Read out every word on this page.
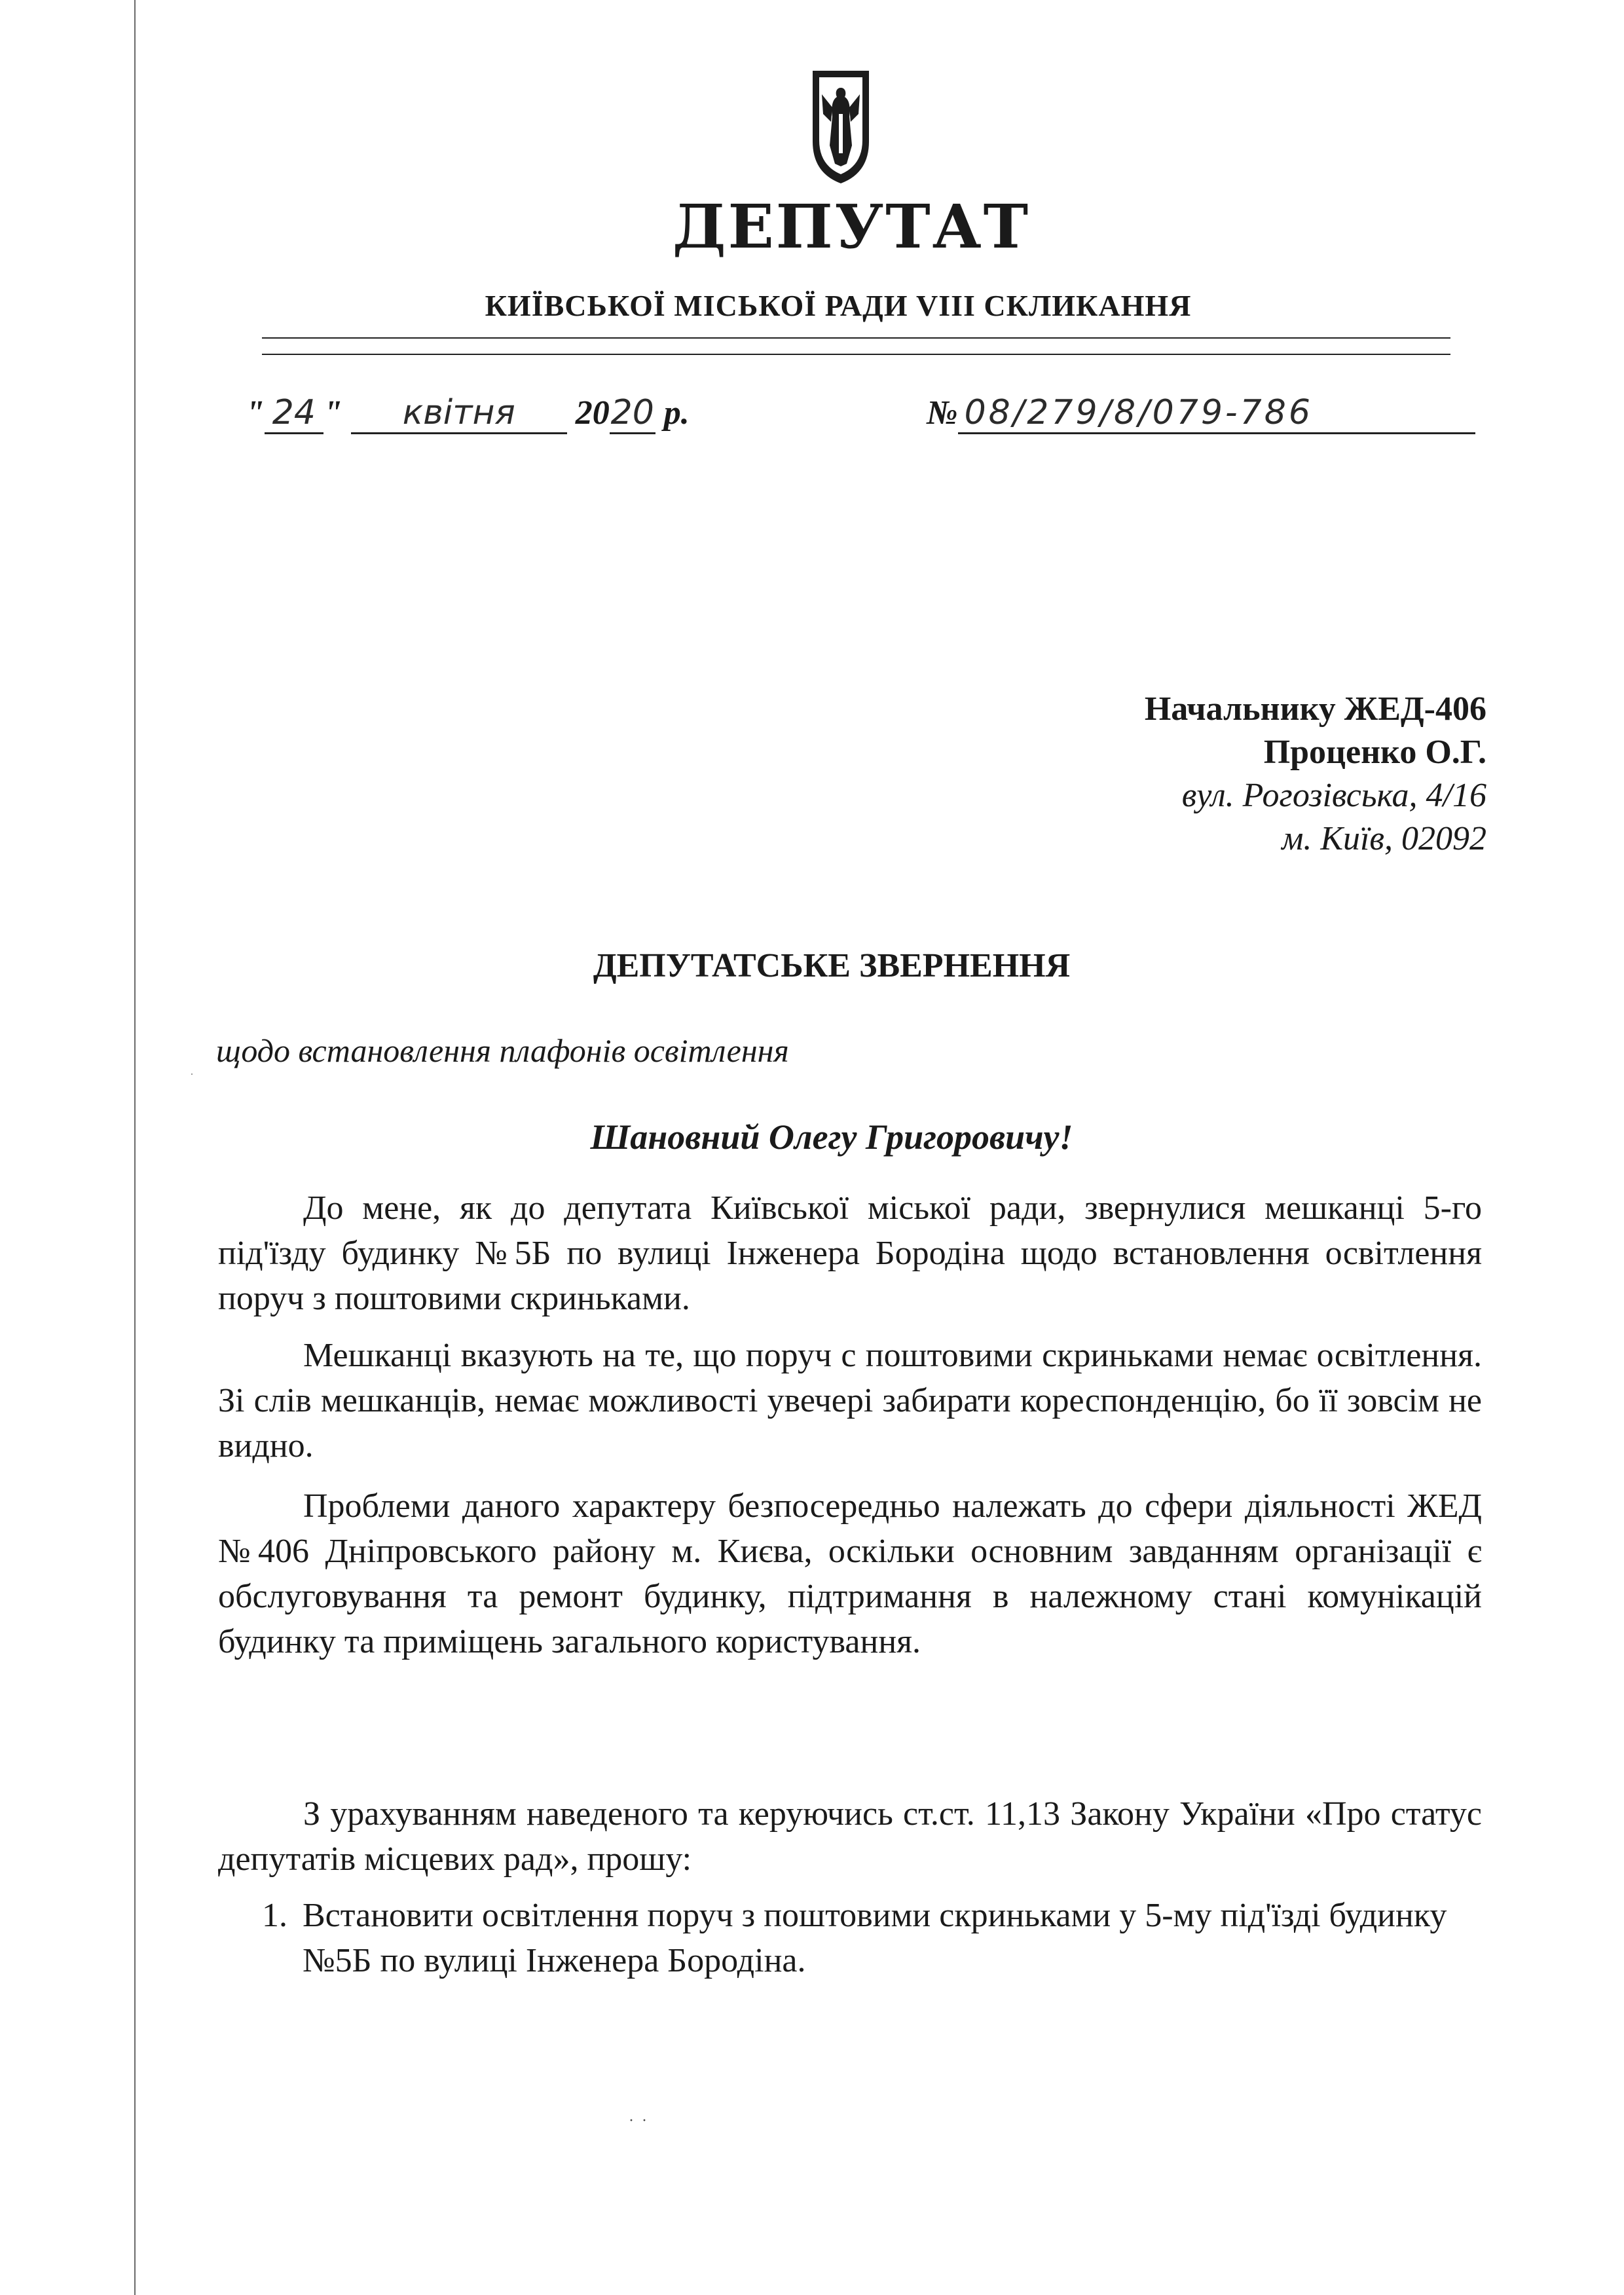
ДЕПУТАТ
КИЇВСЬКОЇ МІСЬКОЇ РАДИ VIII СКЛИКАННЯ
" 24 " квітня 2020 р.	№ 08/279/8/079-786
Начальнику ЖЕД-406
Проценко О.Г.
вул. Рогозівська, 4/16
м. Київ, 02092
ДЕПУТАТСЬКЕ ЗВЕРНЕННЯ
щодо встановлення плафонів освітлення
Шановний Олегу Григоровичу!

До мене, як до депутата Київської міської ради, звернулися мешканці 5-го під'їзду будинку №5Б по вулиці Інженера Бородіна щодо встановлення освітлення поруч з поштовими скриньками.

Мешканці вказують на те, що поруч с поштовими скриньками немає освітлення. Зі слів мешканців, немає можливості увечері забирати кореспонденцію, бо її зовсім не видно.

Проблеми даного характеру безпосередньо належать до сфери діяльності ЖЕД №406 Дніпровського району м. Києва, оскільки основним завданням організації є обслуговування та ремонт будинку, підтримання в належному стані комунікацій будинку та приміщень загального користування.

З урахуванням наведеного та керуючись ст.ст. 11,13 Закону України «Про статус депутатів місцевих рад», прошу:

1. Встановити освітлення поруч з поштовими скриньками у 5-му під'їзді будинку №5Б по вулиці Інженера Бородіна.
·  ·
·
